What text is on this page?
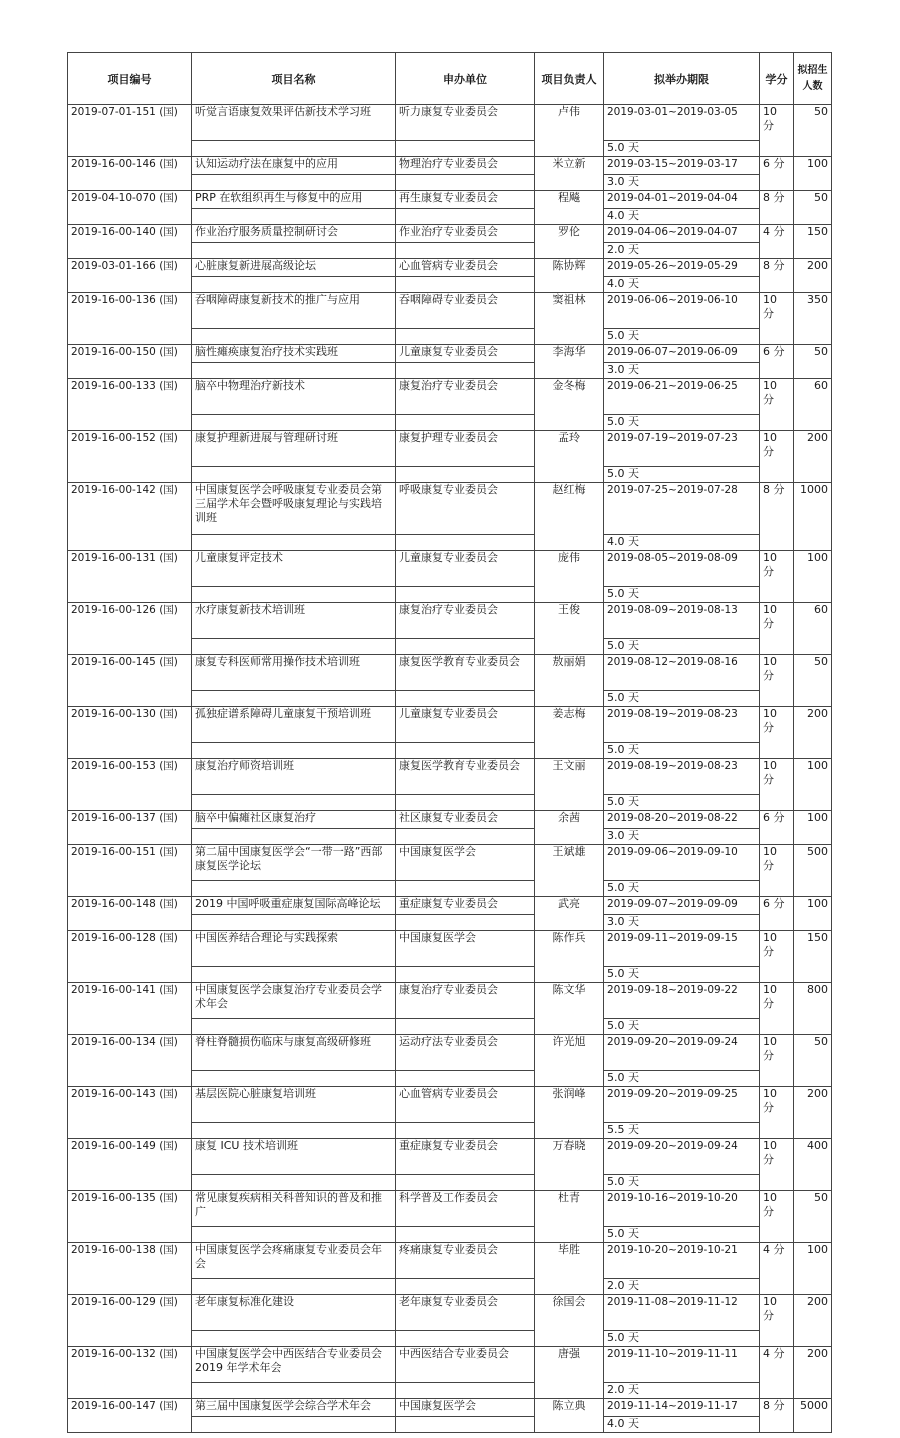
项目编号	项目名称	申办单位	项目负责人	拟举办期限	学分	拟招生人数
2019-07-01-151 (国)	听觉言语康复效果评估新技术学习班	听力康复专业委员会	卢伟	2019-03-01~2019-03-05	10 分	50
				5.0 天		
2019-16-00-146 (国)	认知运动疗法在康复中的应用	物理治疗专业委员会	米立新	2019-03-15~2019-03-17	6 分	100
				3.0 天		
2019-04-10-070 (国)	PRP 在软组织再生与修复中的应用	再生康复专业委员会	程飚	2019-04-01~2019-04-04	8 分	50
				4.0 天		
2019-16-00-140 (国)	作业治疗服务质量控制研讨会	作业治疗专业委员会	罗伦	2019-04-06~2019-04-07	4 分	150
				2.0 天		
2019-03-01-166 (国)	心脏康复新进展高级论坛	心血管病专业委员会	陈协辉	2019-05-26~2019-05-29	8 分	200
				4.0 天		
2019-16-00-136 (国)	吞咽障碍康复新技术的推广与应用	吞咽障碍专业委员会	窦祖林	2019-06-06~2019-06-10	10 分	350
				5.0 天		
2019-16-00-150 (国)	脑性瘫痪康复治疗技术实践班	儿童康复专业委员会	李海华	2019-06-07~2019-06-09	6 分	50
				3.0 天		
2019-16-00-133 (国)	脑卒中物理治疗新技术	康复治疗专业委员会	金冬梅	2019-06-21~2019-06-25	10 分	60
				5.0 天		
2019-16-00-152 (国)	康复护理新进展与管理研讨班	康复护理专业委员会	孟玲	2019-07-19~2019-07-23	10 分	200
				5.0 天		
2019-16-00-142 (国)	中国康复医学会呼吸康复专业委员会第三届学术年会暨呼吸康复理论与实践培训班	呼吸康复专业委员会	赵红梅	2019-07-25~2019-07-28	8 分	1000
				4.0 天		
2019-16-00-131 (国)	儿童康复评定技术	儿童康复专业委员会	庞伟	2019-08-05~2019-08-09	10 分	100
				5.0 天		
2019-16-00-126 (国)	水疗康复新技术培训班	康复治疗专业委员会	王俊	2019-08-09~2019-08-13	10 分	60
				5.0 天		
2019-16-00-145 (国)	康复专科医师常用操作技术培训班	康复医学教育专业委员会	敖丽娟	2019-08-12~2019-08-16	10 分	50
				5.0 天		
2019-16-00-130 (国)	孤独症谱系障碍儿童康复干预培训班	儿童康复专业委员会	姜志梅	2019-08-19~2019-08-23	10 分	200
				5.0 天		
2019-16-00-153 (国)	康复治疗师资培训班	康复医学教育专业委员会	王文丽	2019-08-19~2019-08-23	10 分	100
				5.0 天		
2019-16-00-137 (国)	脑卒中偏瘫社区康复治疗	社区康复专业委员会	余茜	2019-08-20~2019-08-22	6 分	100
				3.0 天		
2019-16-00-151 (国)	第二届中国康复医学会“一带一路”西部康复医学论坛	中国康复医学会	王斌雄	2019-09-06~2019-09-10	10 分	500
				5.0 天		
2019-16-00-148 (国)	2019 中国呼吸重症康复国际高峰论坛	重症康复专业委员会	武亮	2019-09-07~2019-09-09	6 分	100
				3.0 天		
2019-16-00-128 (国)	中国医养结合理论与实践探索	中国康复医学会	陈作兵	2019-09-11~2019-09-15	10 分	150
				5.0 天		
2019-16-00-141 (国)	中国康复医学会康复治疗专业委员会学术年会	康复治疗专业委员会	陈文华	2019-09-18~2019-09-22	10 分	800
				5.0 天		
2019-16-00-134 (国)	脊柱脊髓损伤临床与康复高级研修班	运动疗法专业委员会	许光旭	2019-09-20~2019-09-24	10 分	50
				5.0 天		
2019-16-00-143 (国)	基层医院心脏康复培训班	心血管病专业委员会	张润峰	2019-09-20~2019-09-25	10 分	200
				5.5 天		
2019-16-00-149 (国)	康复 ICU 技术培训班	重症康复专业委员会	万春晓	2019-09-20~2019-09-24	10 分	400
				5.0 天		
2019-16-00-135 (国)	常见康复疾病相关科普知识的普及和推广	科学普及工作委员会	杜青	2019-10-16~2019-10-20	10 分	50
				5.0 天		
2019-16-00-138 (国)	中国康复医学会疼痛康复专业委员会年会	疼痛康复专业委员会	毕胜	2019-10-20~2019-10-21	4 分	100
				2.0 天		
2019-16-00-129 (国)	老年康复标准化建设	老年康复专业委员会	徐国会	2019-11-08~2019-11-12	10 分	200
				5.0 天		
2019-16-00-132 (国)	中国康复医学会中西医结合专业委员会 2019 年学术年会	中西医结合专业委员会	唐强	2019-11-10~2019-11-11	4 分	200
				2.0 天		
2019-16-00-147 (国)	第三届中国康复医学会综合学术年会	中国康复医学会	陈立典	2019-11-14~2019-11-17	8 分	5000
				4.0 天		
